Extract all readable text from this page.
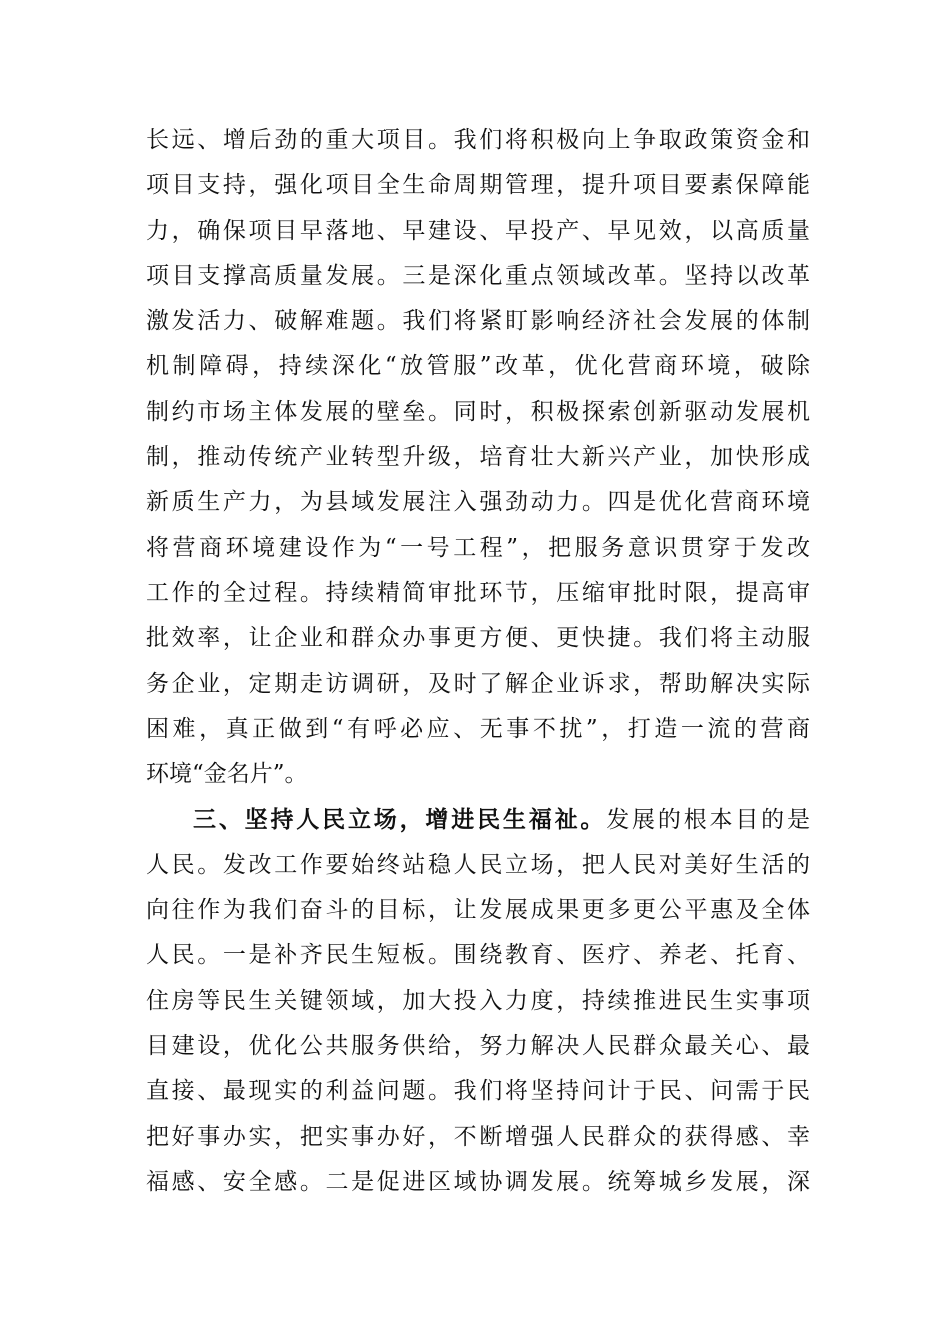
长远、增后劲的重大项目。我们将积极向上争取政策资金和
项目支持，强化项目全生命周期管理，提升项目要素保障能
力，确保项目早落地、早建设、早投产、早见效，以高质量
项目支撑高质量发展。三是深化重点领域改革。坚持以改革
激发活力、破解难题。我们将紧盯影响经济社会发展的体制
机制障碍，持续深化“放管服”改革，优化营商环境，破除
制约市场主体发展的壁垒。同时，积极探索创新驱动发展机
制，推动传统产业转型升级，培育壮大新兴产业，加快形成
新质生产力，为县域发展注入强劲动力。四是优化营商环境
将营商环境建设作为“一号工程”，把服务意识贯穿于发改
工作的全过程。持续精简审批环节，压缩审批时限，提高审
批效率，让企业和群众办事更方便、更快捷。我们将主动服
务企业，定期走访调研，及时了解企业诉求，帮助解决实际
困难，真正做到“有呼必应、无事不扰”，打造一流的营商
环境“金名片”。
三、坚持人民立场，增进民生福祉。发展的根本目的是
人民。发改工作要始终站稳人民立场，把人民对美好生活的
向往作为我们奋斗的目标，让发展成果更多更公平惠及全体
人民。一是补齐民生短板。围绕教育、医疗、养老、托育、
住房等民生关键领域，加大投入力度，持续推进民生实事项
目建设，优化公共服务供给，努力解决人民群众最关心、最
直接、最现实的利益问题。我们将坚持问计于民、问需于民
把好事办实，把实事办好，不断增强人民群众的获得感、幸
福感、安全感。二是促进区域协调发展。统筹城乡发展，深
